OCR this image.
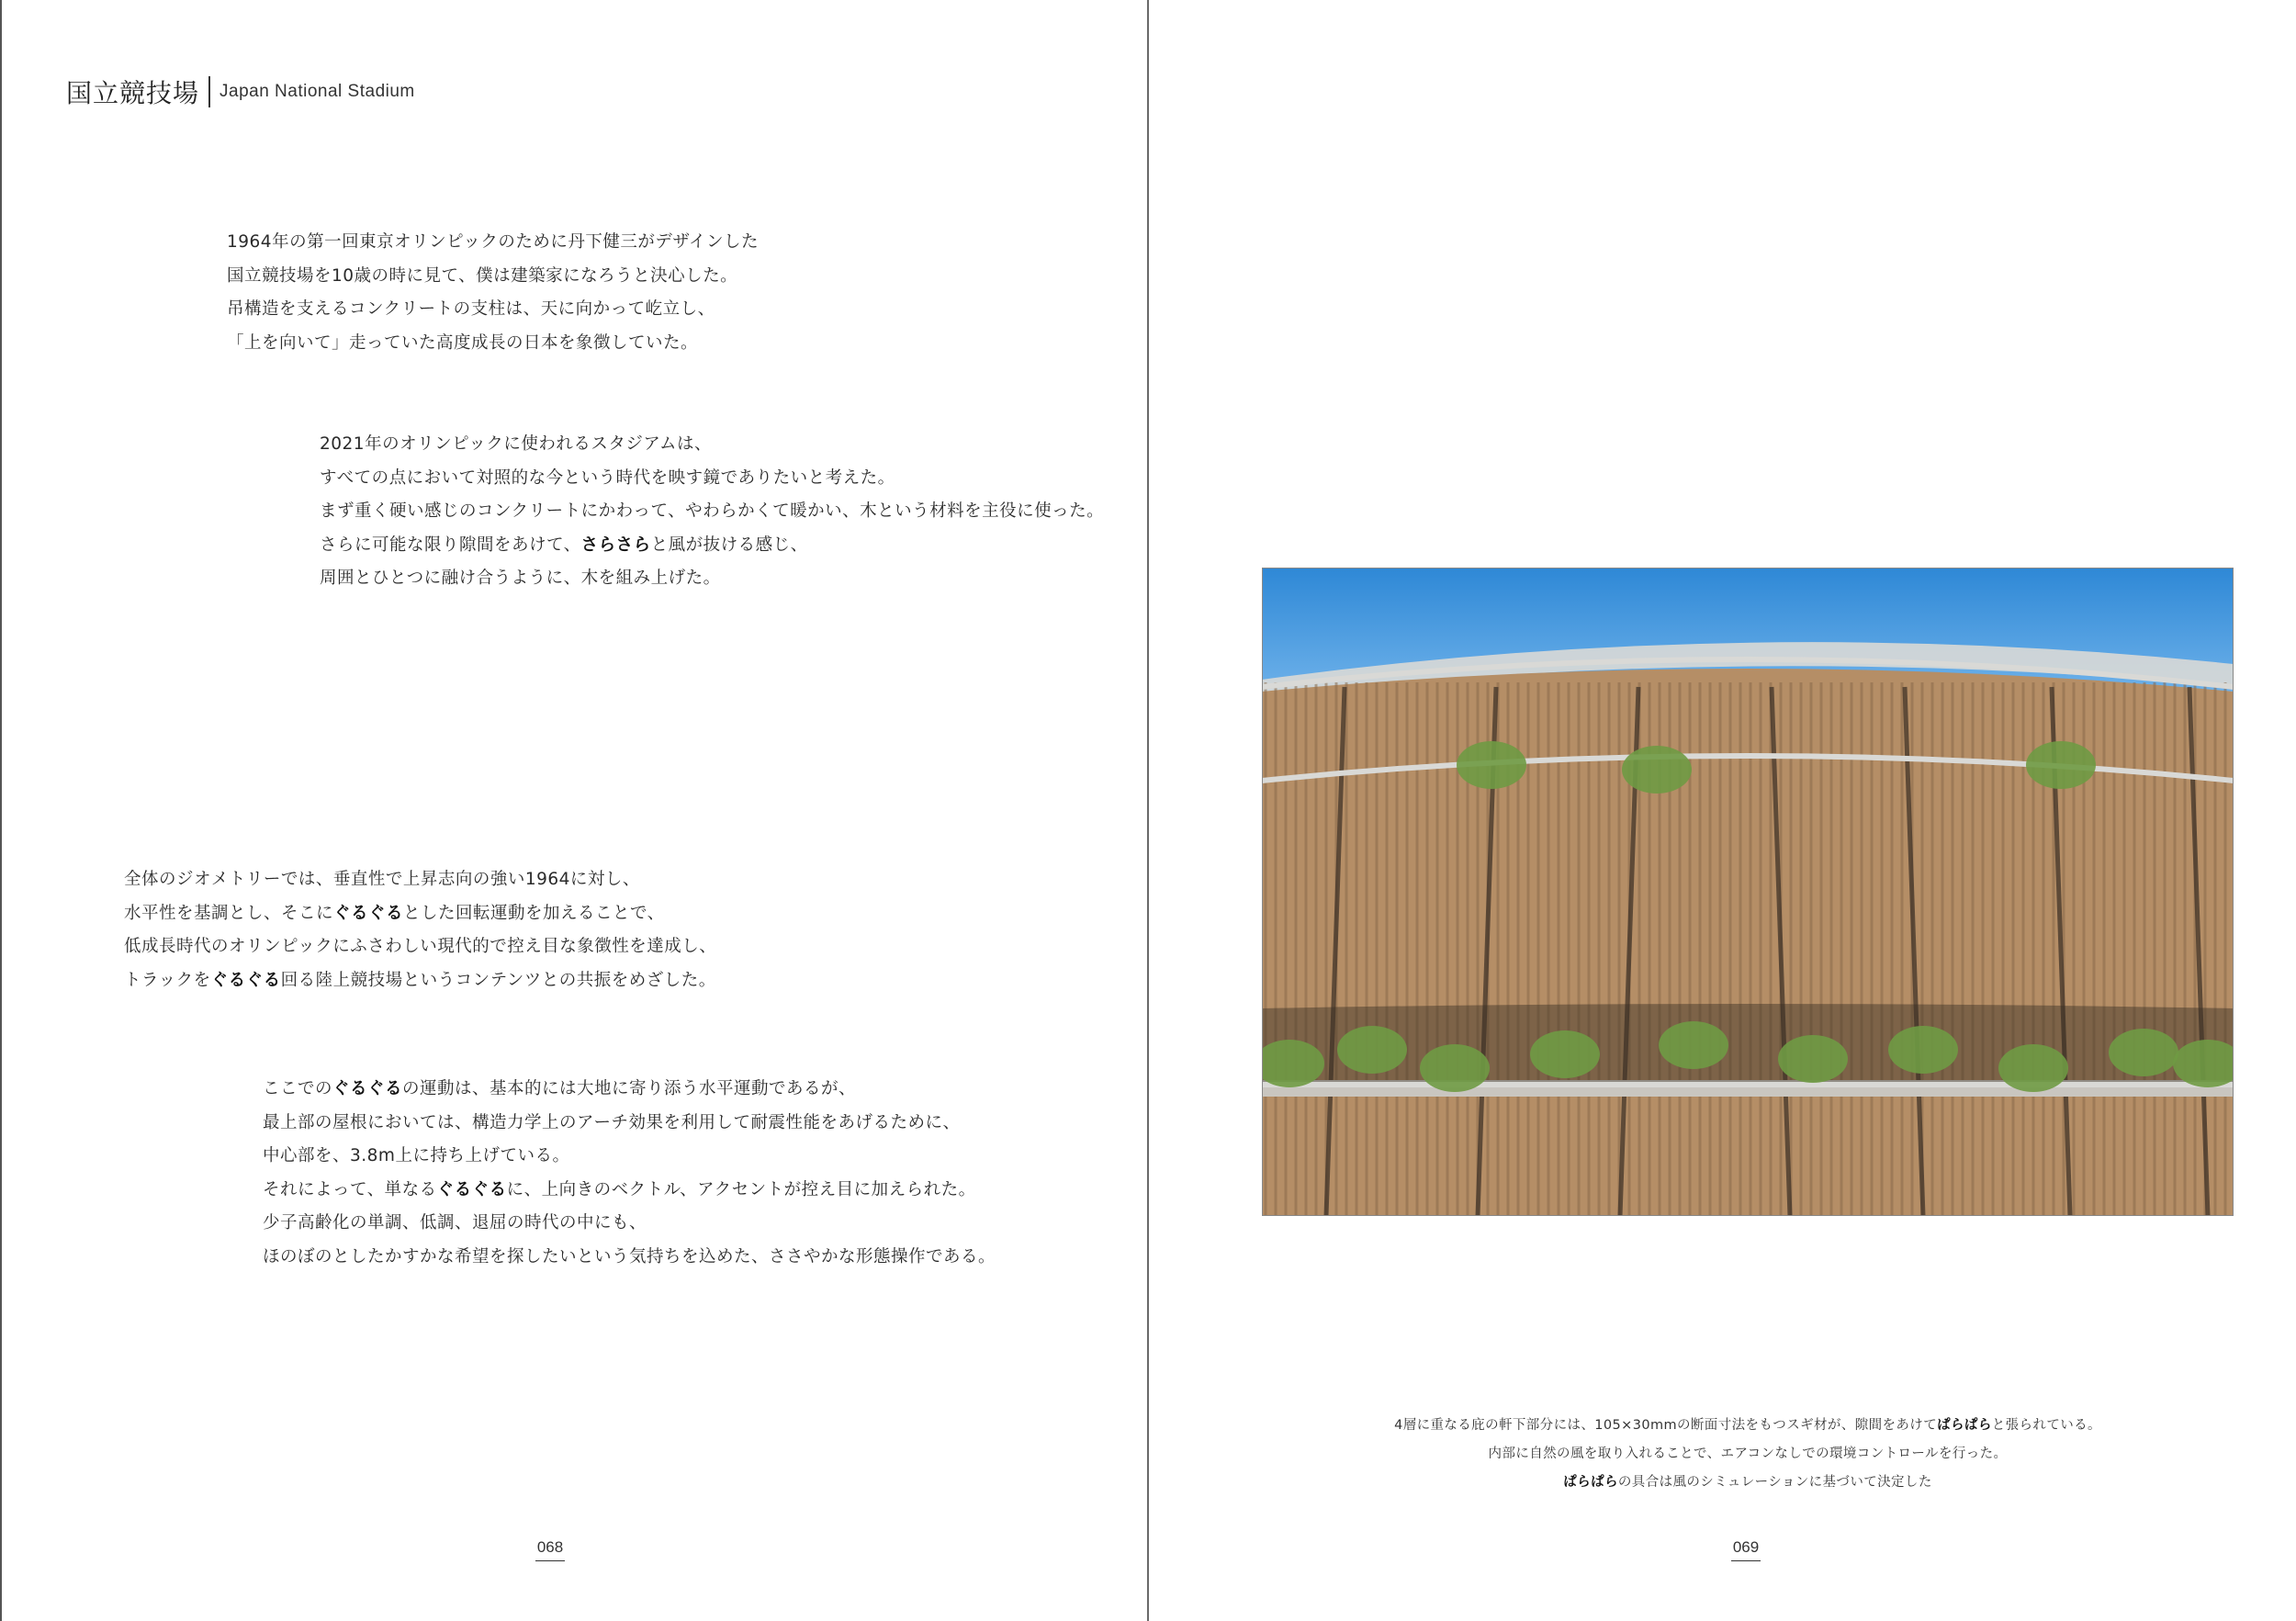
国立競技場 Japan National Stadium
1964年の第一回東京オリンピックのために丹下健三がデザインした
国立競技場を10歳の時に見て、僕は建築家になろうと決心した。
吊構造を支えるコンクリートの支柱は、天に向かって屹立し、
「上を向いて」走っていた高度成長の日本を象徴していた。
2021年のオリンピックに使われるスタジアムは、
すべての点において対照的な今という時代を映す鏡でありたいと考えた。
まず重く硬い感じのコンクリートにかわって、やわらかくて暖かい、木という材料を主役に使った。
さらに可能な限り隙間をあけて、さらさらと風が抜ける感じ、
周囲とひとつに融け合うように、木を組み上げた。
全体のジオメトリーでは、垂直性で上昇志向の強い1964に対し、
水平性を基調とし、そこにぐるぐるとした回転運動を加えることで、
低成長時代のオリンピックにふさわしい現代的で控え目な象徴性を達成し、
トラックをぐるぐる回る陸上競技場というコンテンツとの共振をめざした。
ここでのぐるぐるの運動は、基本的には大地に寄り添う水平運動であるが、
最上部の屋根においては、構造力学上のアーチ効果を利用して耐震性能をあげるために、
中心部を、3.8m上に持ち上げている。
それによって、単なるぐるぐるに、上向きのベクトル、アクセントが控え目に加えられた。
少子高齢化の単調、低調、退屈の時代の中にも、
ほのぼのとしたかすかな希望を探したいという気持ちを込めた、ささやかな形態操作である。
068
4層に重なる庇の軒下部分には、105×30mmの断面寸法をもつスギ材が、隙間をあけてぱらぱらと張られている。
内部に自然の風を取り入れることで、エアコンなしでの環境コントロールを行った。
ぱらぱらの具合は風のシミュレーションに基づいて決定した
069
